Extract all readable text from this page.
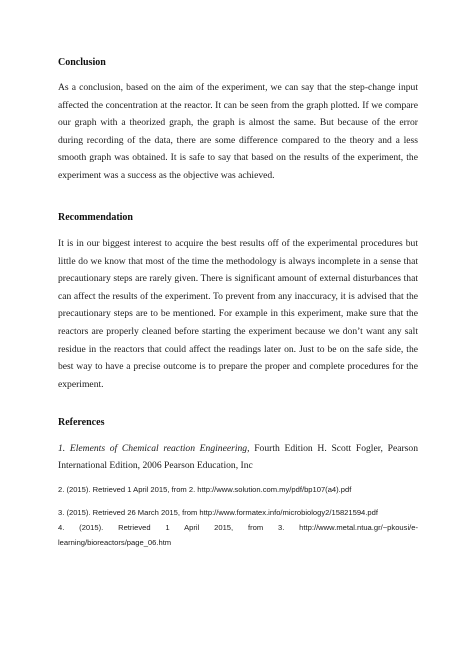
Conclusion

As a conclusion, based on the aim of the experiment, we can say that the step-change input affected the concentration at the reactor. It can be seen from the graph plotted. If we compare our graph with a theorized graph, the graph is almost the same. But because of the error during recording of the data, there are some difference compared to the theory and a less smooth graph was obtained. It is safe to say that based on the results of the experiment, the experiment was a success as the objective was achieved.

Recommendation

It is in our biggest interest to acquire the best results off of the experimental procedures but little do we know that most of the time the methodology is always incomplete in a sense that precautionary steps are rarely given. There is significant amount of external disturbances that can affect the results of the experiment. To prevent from any inaccuracy, it is advised that the precautionary steps are to be mentioned. For example in this experiment, make sure that the reactors are properly cleaned before starting the experiment because we don’t want any salt residue in the reactors that could affect the readings later on. Just to be on the safe side, the best way to have a precise outcome is to prepare the proper and complete procedures for the experiment.

References

1. Elements of Chemical reaction Engineering, Fourth Edition H. Scott Fogler, Pearson International Edition, 2006 Pearson Education, Inc

2. (2015). Retrieved 1 April 2015, from 2. http://www.solution.com.my/pdf/bp107(a4).pdf

3. (2015). Retrieved 26 March 2015, from http://www.formatex.info/microbiology2/15821594.pdf

4. (2015). Retrieved 1 April 2015, from 3. http://www.metal.ntua.gr/~pkousi/e-learning/bioreactors/page_06.htm
